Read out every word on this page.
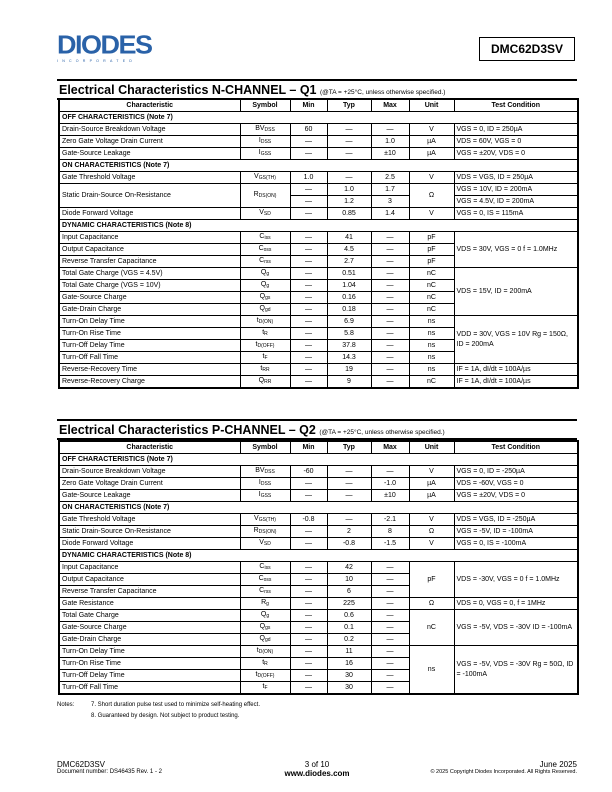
DIODES
INCORPORATED
DMC62D3SV
Electrical Characteristics N-CHANNEL – Q1 (@TA = +25°C, unless otherwise specified.)
Characteristic	Symbol	Min	Typ	Max	Unit	Test Condition
OFF CHARACTERISTICS (Note 7)						
Drain-Source Breakdown Voltage	$BV_{DSS}$	60	—	—	V	VGS = 0, ID = 250µA
Zero Gate Voltage Drain Current	$I_{DSS}$	—	—	1.0	µA	VDS = 60V, VGS = 0
Gate-Source Leakage	$I_{GSS}$	—	—	±10	µA	VGS = ±20V, VDS = 0
ON CHARACTERISTICS (Note 7)						
Gate Threshold Voltage	$V_{GS(TH)}$	1.0	—	2.5	V	VDS = VGS, ID = 250µA
Static Drain-Source On-Resistance	$R_{DS(ON)}$	—	1.0	1.7	Ω	VGS = 10V, ID = 200mA
		—	1.2	3		VGS = 4.5V, ID = 200mA
Diode Forward Voltage	$V_{SD}$	—	0.85	1.4	V	VGS = 0, IS = 115mA
DYNAMIC CHARACTERISTICS (Note 8)						
Input Capacitance	$C_{iss}$	—	41	—	pF	VDS = 30V, VGS = 0 f = 1.0MHz
Output Capacitance	$C_{oss}$	—	4.5	—	pF	
Reverse Transfer Capacitance	$C_{rss}$	—	2.7	—	pF	
Total Gate Charge (VGS = 4.5V)	$Q_g$	—	0.51	—	nC	VDS = 15V, ID = 200mA
Total Gate Charge (VGS = 10V)	$Q_g$	—	1.04	—	nC	
Gate-Source Charge	$Q_{gs}$	—	0.16	—	nC	
Gate-Drain Charge	$Q_{gd}$	—	0.18	—	nC	
Turn-On Delay Time	$t_{D(ON)}$	—	6.9	—	ns	VDD = 30V, VGS = 10V Rg = 150Ω, ID = 200mA
Turn-On Rise Time	$t_R$	—	5.8	—	ns	
Turn-Off Delay Time	$t_{D(OFF)}$	—	37.8	—	ns	
Turn-Off Fall Time	$t_F$	—	14.3	—	ns	
Reverse-Recovery Time	$t_{RR}$	—	19	—	ns	IF = 1A, dI/dt = 100A/µs
Reverse-Recovery Charge	$Q_{RR}$	—	9	—	nC	IF = 1A, dI/dt = 100A/µs
Electrical Characteristics P-CHANNEL – Q2 (@TA = +25°C, unless otherwise specified.)
Characteristic	Symbol	Min	Typ	Max	Unit	Test Condition
OFF CHARACTERISTICS (Note 7)						
Drain-Source Breakdown Voltage	$BV_{DSS}$	-60	—	—	V	VGS = 0, ID = -250µA
Zero Gate Voltage Drain Current	$I_{DSS}$	—	—	-1.0	µA	VDS = -60V, VGS = 0
Gate-Source Leakage	$I_{GSS}$	—	—	±10	µA	VGS = ±20V, VDS = 0
ON CHARACTERISTICS (Note 7)						
Gate Threshold Voltage	$V_{GS(TH)}$	-0.8	—	-2.1	V	VDS = VGS, ID = -250µA
Static Drain-Source On-Resistance	$R_{DS(ON)}$	—	2	8	Ω	VGS = -5V, ID = -100mA
Diode Forward Voltage	$V_{SD}$	—	-0.8	-1.5	V	VGS = 0, IS = -100mA
DYNAMIC CHARACTERISTICS (Note 8)						
Input Capacitance	$C_{iss}$	—	42	—	pF	VDS = -30V, VGS = 0 f = 1.0MHz
Output Capacitance	$C_{oss}$	—	10	—		
Reverse Transfer Capacitance	$C_{rss}$	—	6	—		
Gate Resistance	$R_g$	—	225	—	Ω	VDS = 0, VGS = 0, f = 1MHz
Total Gate Charge	$Q_g$	—	0.6	—	nC	VGS = -5V, VDS = -30V ID = -100mA
Gate-Source Charge	$Q_{gs}$	—	0.1	—		
Gate-Drain Charge	$Q_{gd}$	—	0.2	—		
Turn-On Delay Time	$t_{D(ON)}$	—	11	—	ns	VGS = -5V, VDS = -30V Rg = 50Ω, ID = -100mA
Turn-On Rise Time	$t_R$	—	16	—		
Turn-Off Delay Time	$t_{D(OFF)}$	—	30	—		
Turn-Off Fall Time	$t_F$	—	30	—		
Notes:	7. Short duration pulse test used to minimize self-heating effect.
8. Guaranteed by design. Not subject to product testing.
DMC62D3SV
Document number: DS46435 Rev. 1 - 2
3 of 10
www.diodes.com
June 2025
© 2025 Copyright Diodes Incorporated. All Rights Reserved.
